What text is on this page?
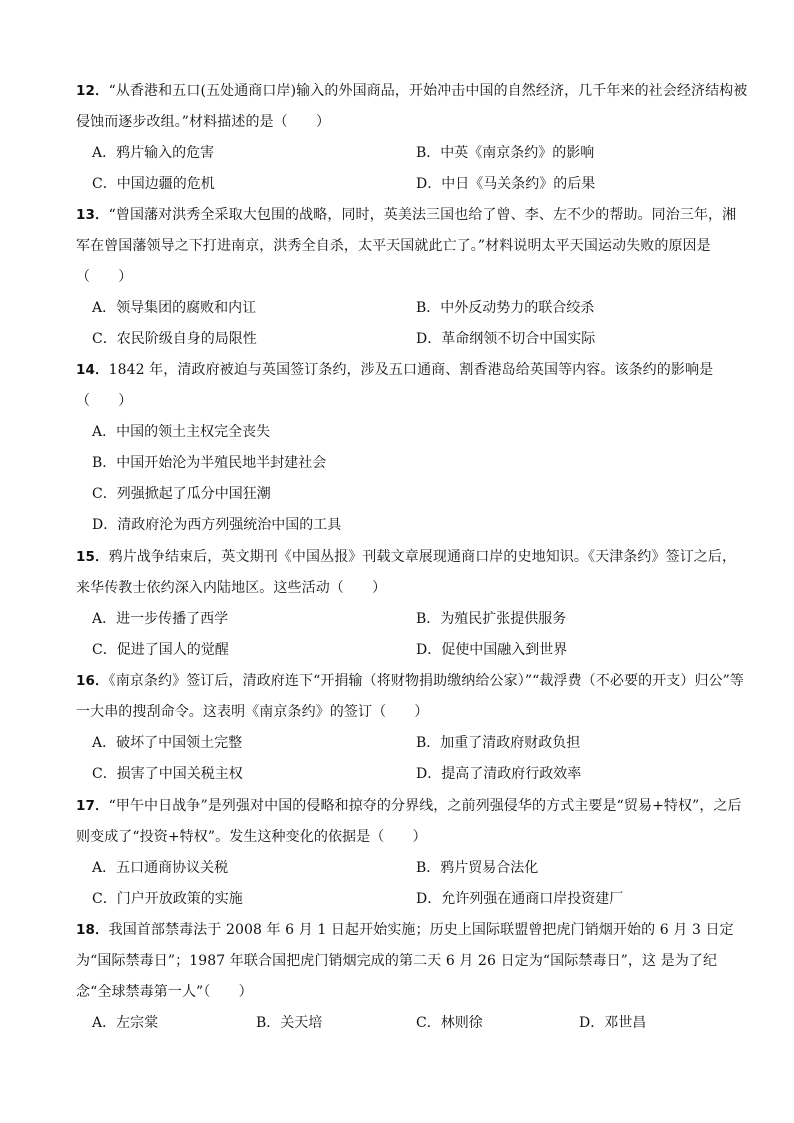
12．“从香港和五口(五处通商口岸)输入的外国商品，开始冲击中国的自然经济，几千年来的社会经济结构被侵蚀而逐步改组。”材料描述的是（　　）
A．鸦片输入的危害	B．中英《南京条约》的影响
C．中国边疆的危机	D．中日《马关条约》的后果
13．“曾国藩对洪秀全采取大包围的战略，同时，英美法三国也给了曾、李、左不少的帮助。同治三年，湘军在曾国藩领导之下打进南京，洪秀全自杀，太平天国就此亡了。”材料说明太平天国运动失败的原因是（　　）
A．领导集团的腐败和内讧	B．中外反动势力的联合绞杀
C．农民阶级自身的局限性	D．革命纲领不切合中国实际
14．1842 年，清政府被迫与英国签订条约，涉及五口通商、割香港岛给英国等内容。该条约的影响是（　　）
A．中国的领土主权完全丧失
B．中国开始沦为半殖民地半封建社会
C．列强掀起了瓜分中国狂潮
D．清政府沦为西方列强统治中国的工具
15．鸦片战争结束后，英文期刊《中国丛报》刊载文章展现通商口岸的史地知识。《天津条约》签订之后，来华传教士依约深入内陆地区。这些活动（　　）
A．进一步传播了西学	B．为殖民扩张提供服务
C．促进了国人的觉醒	D．促使中国融入到世界
16．《南京条约》签订后，清政府连下“开捐输（将财物捐助缴纳给公家）”“裁浮费（不必要的开支）归公”等一大串的搜刮命令。这表明《南京条约》的签订（　　）
A．破坏了中国领土完整	B．加重了清政府财政负担
C．损害了中国关税主权	D．提高了清政府行政效率
17．“甲午中日战争”是列强对中国的侵略和掠夺的分界线，之前列强侵华的方式主要是“贸易+特权”，之后则变成了“投资+特权”。发生这种变化的依据是（　　）
A．五口通商协议关税	B．鸦片贸易合法化
C．门户开放政策的实施	D．允许列强在通商口岸投资建厂
18．我国首部禁毒法于 2008 年 6 月 1 日起开始实施；历史上国际联盟曾把虎门销烟开始的 6 月 3 日定为“国际禁毒日”；1987 年联合国把虎门销烟完成的第二天 6 月 26 日定为“国际禁毒日”，这 是为了纪念“全球禁毒第一人”（　　）
A．左宗棠	B．关天培	C．林则徐	D．邓世昌
